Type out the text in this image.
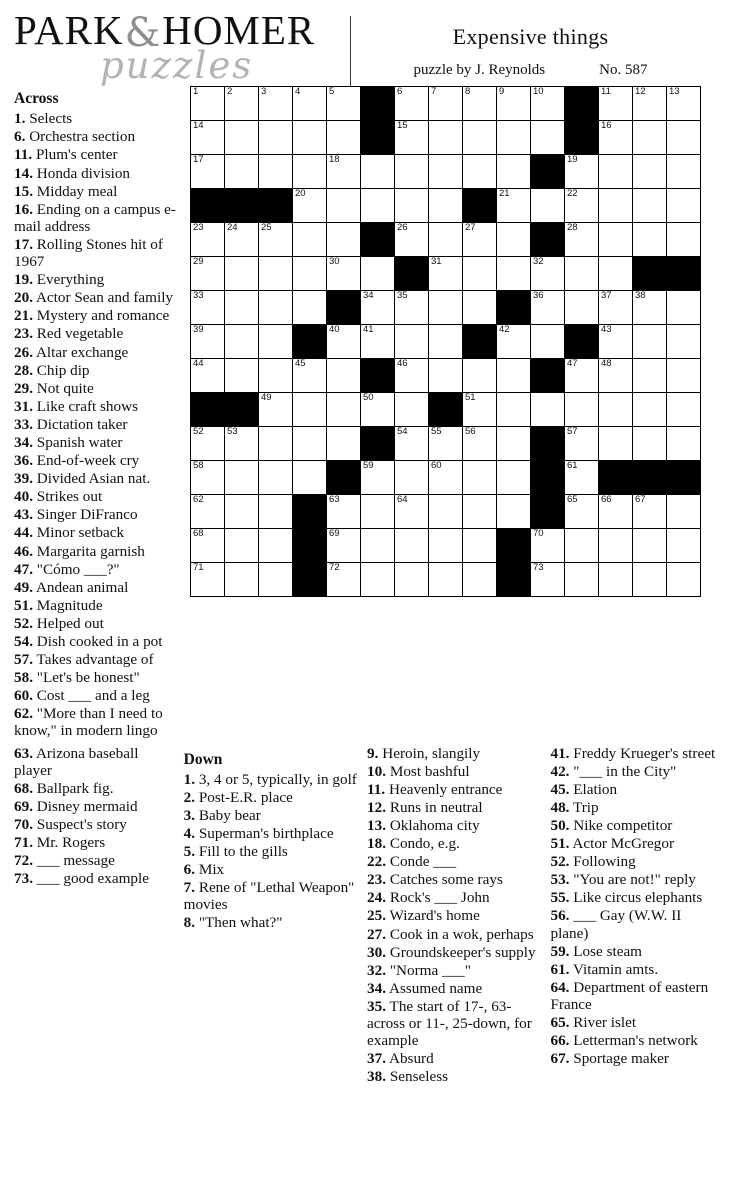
PARK&HOMER
puzzles
Expensive things
puzzle by J. Reynolds	No. 587
Across
1. Selects
6. Orchestra section
11. Plum's center
14. Honda division
15. Midday meal
16. Ending on a campus e-mail address
17. Rolling Stones hit of 1967
19. Everything
20. Actor Sean and family
21. Mystery and romance
23. Red vegetable
26. Altar exchange
28. Chip dip
29. Not quite
31. Like craft shows
33. Dictation taker
34. Spanish water
36. End-of-week cry
39. Divided Asian nat.
40. Strikes out
43. Singer DiFranco
44. Minor setback
46. Margarita garnish
47. "Cómo ___?"
49. Andean animal
51. Magnitude
52. Helped out
54. Dish cooked in a pot
57. Takes advantage of
58. "Let's be honest"
60. Cost ___ and a leg
62. "More than I need to know," in modern lingo
1	2	3	4	5		6	7	8	9	10		11	12	13

14						15						16		

17				18							19			

			20						21		22			

23	24	25				26		27			28			

29				30			31			32				

33					34	35				36		37	38	

39				40	41				42			43		

44			45			46					47	48		

		49			50			51						

52	53					54	55	56			57			

58					59		60				61			

62				63		64					65	66	67	

68				69						70				

71				72						73				

63. Arizona baseball player
68. Ballpark fig.
69. Disney mermaid
70. Suspect's story
71. Mr. Rogers
72. ___ message
73. ___ good example
Down
1. 3, 4 or 5, typically, in golf
2. Post-E.R. place
3. Baby bear
4. Superman's birthplace
5. Fill to the gills
6. Mix
7. Rene of "Lethal Weapon" movies
8. "Then what?"
9. Heroin, slangily
10. Most bashful
11. Heavenly entrance
12. Runs in neutral
13. Oklahoma city
18. Condo, e.g.
22. Conde ___
23. Catches some rays
24. Rock's ___ John
25. Wizard's home
27. Cook in a wok, perhaps
30. Groundskeeper's supply
32. "Norma ___"
34. Assumed name
35. The start of 17-, 63-across or 11-, 25-down, for example
37. Absurd
38. Senseless
41. Freddy Krueger's street
42. "___ in the City"
45. Elation
48. Trip
50. Nike competitor
51. Actor McGregor
52. Following
53. "You are not!" reply
55. Like circus elephants
56. ___ Gay (W.W. II plane)
59. Lose steam
61. Vitamin amts.
64. Department of eastern France
65. River islet
66. Letterman's network
67. Sportage maker
